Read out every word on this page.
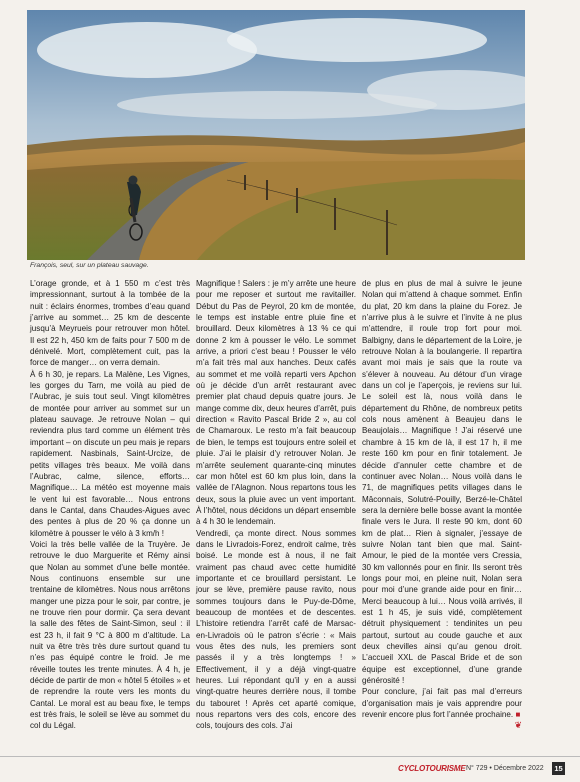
François, seul, sur un plateau sauvage.

L’orage gronde, et à 1 550 m c’est très impressionnant, surtout à la tombée de la nuit : éclairs énormes, trombes d’eau quand j’arrive au sommet… 25 km de descente jusqu’à Meyrueis pour retrouver mon hôtel. Il est 22 h, 450 km de faits pour 7 500 m de dénivelé. Mort, complètement cuit, pas la force de manger… on verra demain.

À 6 h 30, je repars. La Malène, Les Vignes, les gorges du Tarn, me voilà au pied de l’Aubrac, je suis tout seul. Vingt kilomètres de montée pour arriver au sommet sur un plateau sauvage. Je retrouve Nolan – qui reviendra plus tard comme un élément très important – on discute un peu mais je repars rapidement. Nasbinals, Saint-Urcize, de petits villages très beaux. Me voilà dans l’Aubrac, calme, silence, efforts… Magnifique… La météo est moyenne mais le vent lui est favorable… Nous entrons dans le Cantal, dans Chaudes-Aigues avec des pentes à plus de 20 % ça donne un kilomètre à pousser le vélo à 3 km/h !

Voici la très belle vallée de la Truyère. Je retrouve le duo Marguerite et Rémy ainsi que Nolan au sommet d’une belle montée. Nous continuons ensemble sur une trentaine de kilomètres. Nous nous arrêtons manger une pizza pour le soir, par contre, je ne trouve rien pour dormir. Ça sera devant la salle des fêtes de Saint-Simon, seul : il est 23 h, il fait 9 °C à 800 m d’altitude. La nuit va être très très dure surtout quand tu n’es pas équipé contre le froid. Je me réveille toutes les trente minutes. À 4 h, je décide de partir de mon « hôtel 5 étoiles » et de reprendre la route vers les monts du Cantal. Le moral est au beau fixe, le temps est très frais, le soleil se lève au sommet du col du Légal.

Magnifique ! Salers : je m’y arrête une heure pour me reposer et surtout me ravitailler. Début du Pas de Peyrol, 20 km de montée, le temps est instable entre pluie fine et brouillard. Deux kilomètres à 13 % ce qui donne 2 km à pousser le vélo. Le sommet arrive, a priori c’est beau ! Pousser le vélo m’a fait très mal aux hanches. Deux cafés au sommet et me voilà reparti vers Apchon où je décide d’un arrêt restaurant avec premier plat chaud depuis quatre jours. Je mange comme dix, deux heures d’arrêt, puis direction « Ravito Pascal Bride 2 », au col de Chamaroux. Le resto m’a fait beaucoup de bien, le temps est toujours entre soleil et pluie. J’ai le plaisir d’y retrouver Nolan. Je m’arrête seulement quarante-cinq minutes car mon hôtel est 60 km plus loin, dans la vallée de l’Alagnon. Nous repartons tous les deux, sous la pluie avec un vent important. À l’hôtel, nous décidons un départ ensemble à 4 h 30 le lendemain.

Vendredi, ça monte direct. Nous sommes dans le Livradois-Forez, endroit calme, très boisé. Le monde est à nous, il ne fait vraiment pas chaud avec cette humidité importante et ce brouillard persistant. Le jour se lève, première pause ravito, nous sommes toujours dans le Puy-de-Dôme, beaucoup de montées et de descentes. L’histoire retiendra l’arrêt café de Marsac-en-Livradois où le patron s’écrie : « Mais vous êtes des nuls, les premiers sont passés il y a très longtemps ! » Effectivement, il y a déjà vingt-quatre heures. Lui répondant qu’il y en a aussi vingt-quatre heures derrière nous, il tombe du tabouret ! Après cet aparté comique, nous repartons vers des cols, encore des cols, toujours des cols. J’ai

de plus en plus de mal à suivre le jeune Nolan qui m’attend à chaque sommet. Enfin du plat, 20 km dans la plaine du Forez. Je n’arrive plus à le suivre et l’invite à ne plus m’attendre, il roule trop fort pour moi. Balbigny, dans le département de la Loire, je retrouve Nolan à la boulangerie. Il repartira avant moi mais je sais que la route va s’élever à nouveau. Au détour d’un virage dans un col je l’aperçois, je reviens sur lui. Le soleil est là, nous voilà dans le département du Rhône, de nombreux petits cols nous amènent à Beaujeu dans le Beaujolais… Magnifique ! J’ai réservé une chambre à 15 km de là, il est 17 h, il me reste 160 km pour en finir totalement. Je décide d’annuler cette chambre et de continuer avec Nolan… Nous voilà dans le 71, de magnifiques petits villages dans le Mâconnais, Solutré-Pouilly, Berzé-le-Châtel sera la dernière belle bosse avant la montée finale vers le Jura. Il reste 90 km, dont 60 km de plat… Rien à signaler, j’essaye de suivre Nolan tant bien que mal. Saint-Amour, le pied de la montée vers Cressia, 30 km vallonnés pour en finir. Ils seront très longs pour moi, en pleine nuit, Nolan sera pour moi d’une grande aide pour en finir… Merci beaucoup à lui… Nous voilà arrivés, il est 1 h 45, je suis vidé, complètement détruit physiquement : tendinites un peu partout, surtout au coude gauche et aux deux chevilles ainsi qu’au genou droit. L’accueil XXL de Pascal Bride et de son équipe est exceptionnel, d’une grande générosité !

Pour conclure, j’ai fait pas mal d’erreurs d’organisation mais je vais apprendre pour revenir encore plus fort l’année prochaine. ■

❦
CYCLOTOURISME N° 729 • Décembre 2022	15
